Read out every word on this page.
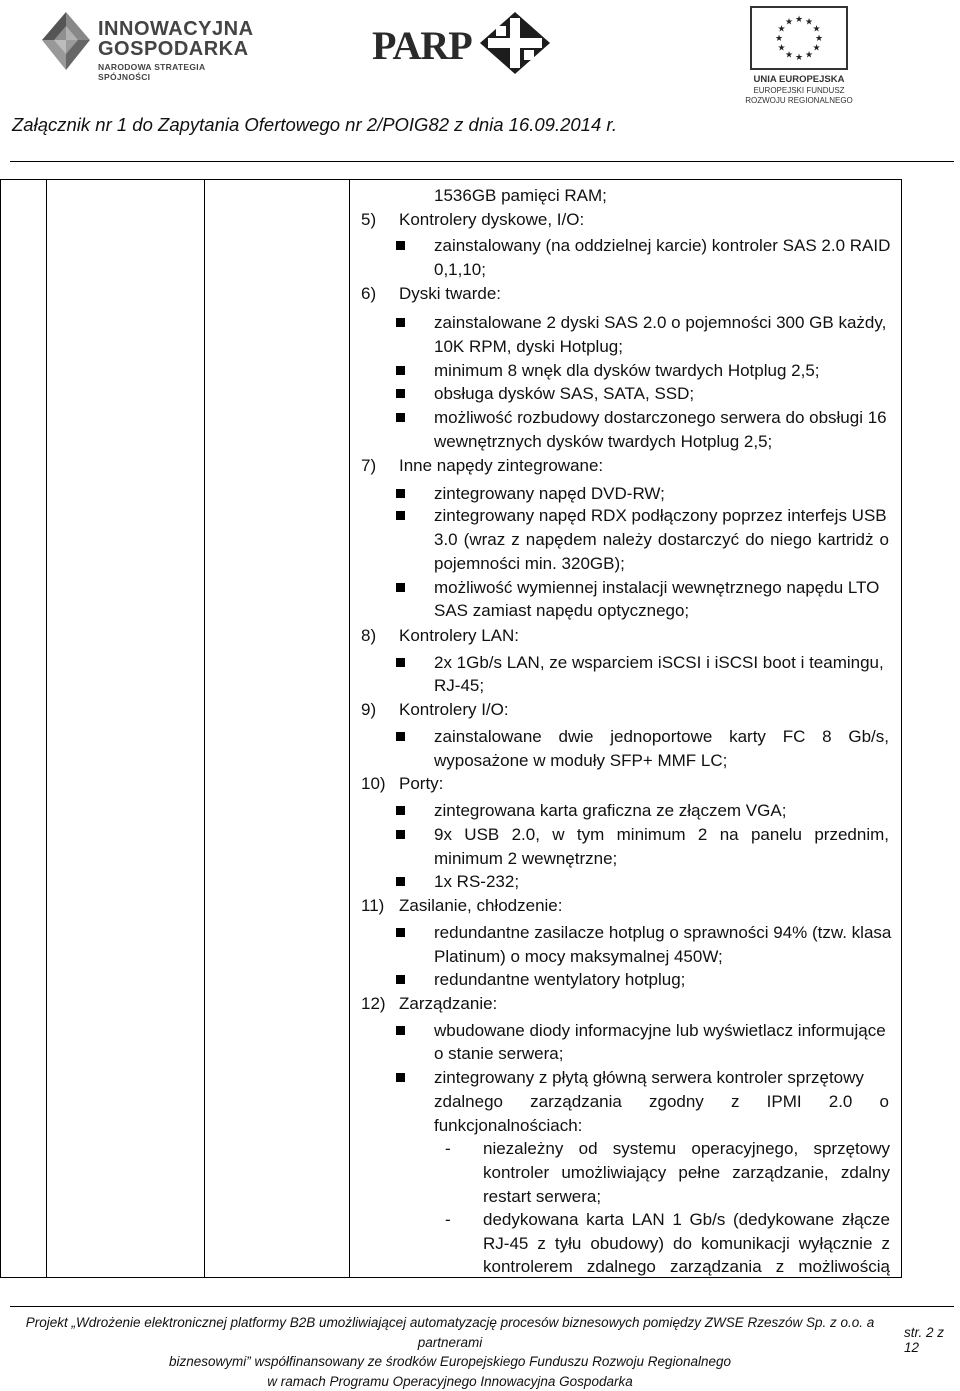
INNOWACYJNA
GOSPODARKA
NARODOWA STRATEGIA SPÓJNOŚCI
PARP
★ ★
★
★
★
★
★
★
★
★
★
★
UNIA EUROPEJSKA
EUROPEJSKI FUNDUSZ
ROZWOJU REGIONALNEGO
Załącznik nr 1 do Zapytania Ofertowego nr 2/POIG82 z dnia 16.09.2014 r.
1536GB pamięci RAM;
5) Kontrolery dyskowe, I/O:
zainstalowany (na oddzielnej karcie) kontroler SAS 2.0 RAID
0,1,10;
6) Dyski twarde:
zainstalowane 2 dyski SAS 2.0 o pojemności 300 GB każdy,
10K RPM, dyski Hotplug;
minimum 8 wnęk dla dysków twardych Hotplug 2,5;
obsługa dysków SAS, SATA, SSD;
możliwość rozbudowy dostarczonego serwera do obsługi 16
wewnętrznych dysków twardych Hotplug 2,5;
7) Inne napędy zintegrowane:
zintegrowany napęd DVD-RW;
zintegrowany napęd RDX podłączony poprzez interfejs USB
3.0 (wraz z napędem należy dostarczyć do niego kartridż o
pojemności min. 320GB);
możliwość wymiennej instalacji wewnętrznego napędu LTO
SAS zamiast napędu optycznego;
8) Kontrolery LAN:
2x 1Gb/s LAN, ze wsparciem iSCSI i iSCSI boot i teamingu,
RJ-45;
9) Kontrolery I/O:
zainstalowane dwie jednoportowe karty FC 8 Gb/s,
wyposażone w moduły SFP+ MMF LC;
10) Porty:
zintegrowana karta graficzna ze złączem VGA;
9x USB 2.0, w tym minimum 2 na panelu przednim,
minimum 2 wewnętrzne;
1x RS-232;
11) Zasilanie, chłodzenie:
redundantne zasilacze hotplug o sprawności 94% (tzw. klasa
Platinum) o mocy maksymalnej 450W;
redundantne wentylatory hotplug;
12) Zarządzanie:
wbudowane diody informacyjne lub wyświetlacz informujące
o stanie serwera;
zintegrowany z płytą główną serwera kontroler sprzętowy
zdalnego zarządzania zgodny z IPMI 2.0 o
funkcjonalnościach:
- niezależny od systemu operacyjnego, sprzętowy
kontroler umożliwiający pełne zarządzanie, zdalny
restart serwera;
- dedykowana karta LAN 1 Gb/s (dedykowane złącze
RJ-45 z tyłu obudowy) do komunikacji wyłącznie z
kontrolerem zdalnego zarządzania z możliwością
Projekt „Wdrożenie elektronicznej platformy B2B umożliwiającej automatyzację procesów biznesowych pomiędzy ZWSE Rzeszów Sp. z o.o. a partnerami
biznesowymi” współfinansowany ze środków Europejskiego Funduszu Rozwoju Regionalnego
w ramach Programu Operacyjnego Innowacyjna Gospodarka
str. 2 z 12
